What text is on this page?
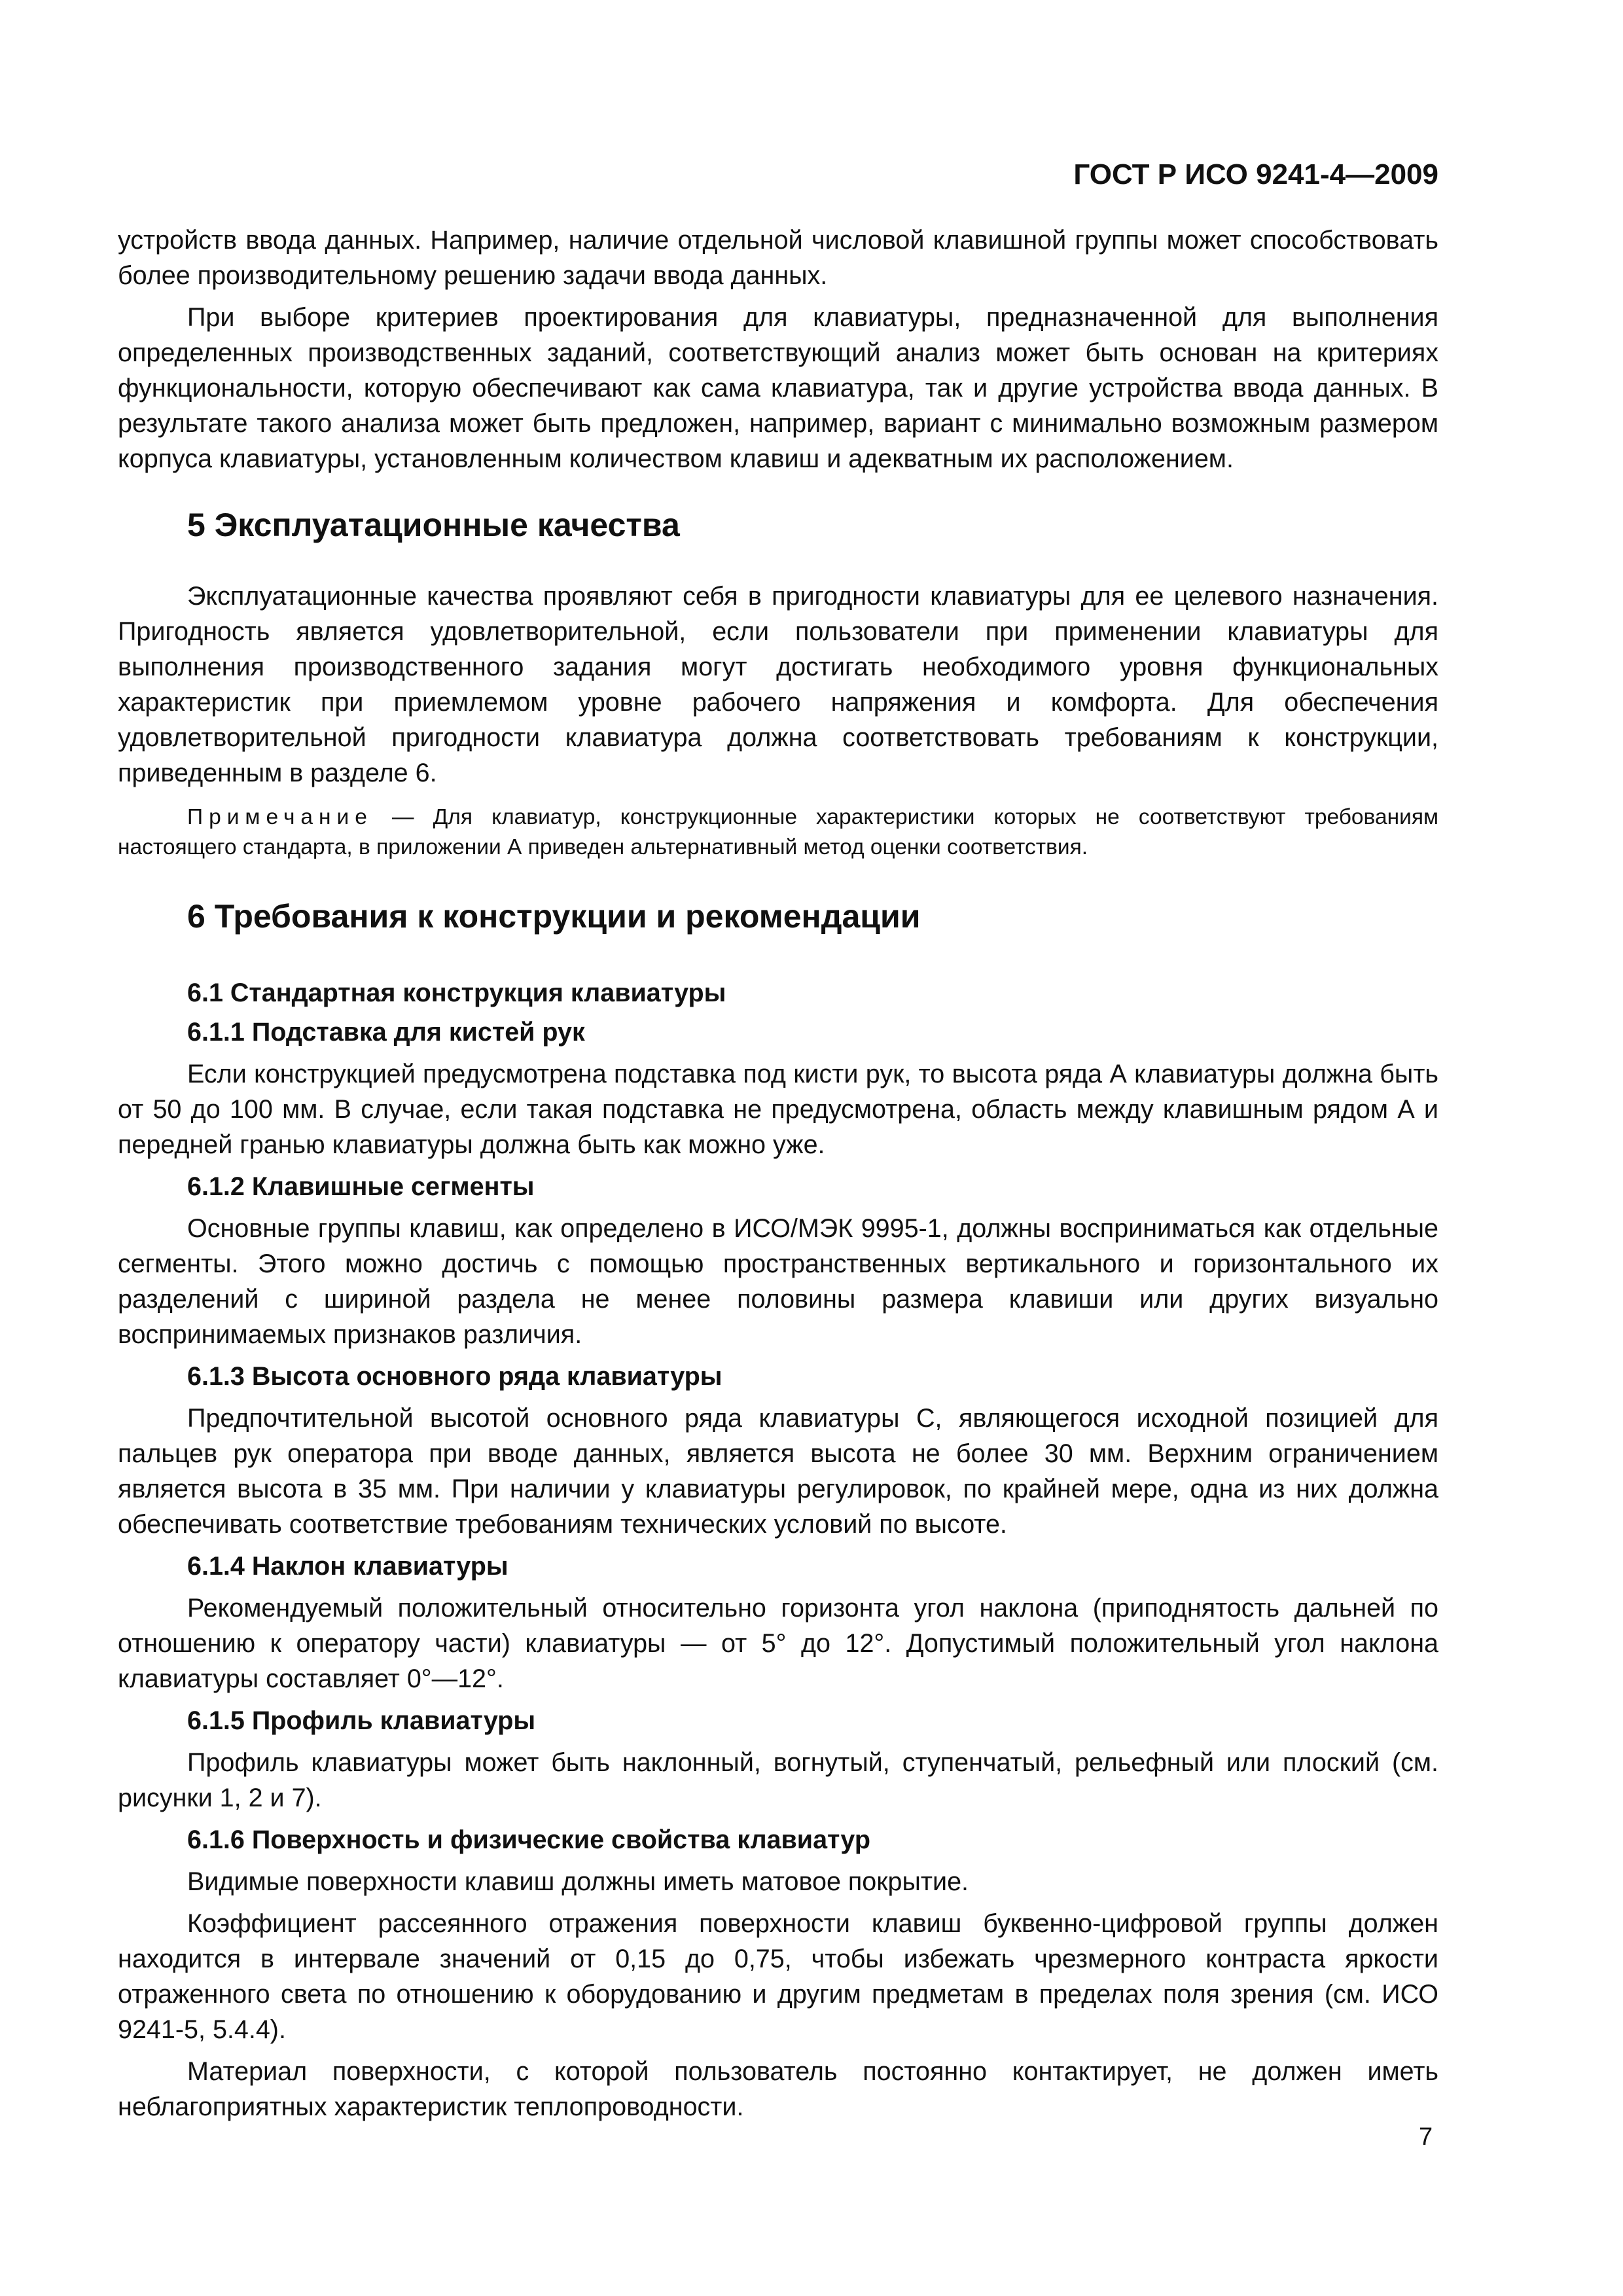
ГОСТ Р ИСО 9241-4—2009

устройств ввода данных. Например, наличие отдельной числовой клавишной группы может способствовать более производительному решению задачи ввода данных.

При выборе критериев проектирования для клавиатуры, предназначенной для выполнения определенных производственных заданий, соответствующий анализ может быть основан на критериях функциональности, которую обеспечивают как сама клавиатура, так и другие устройства ввода данных. В результате такого анализа может быть предложен, например, вариант с минимально возможным размером корпуса клавиатуры, установленным количеством клавиш и адекватным их расположением.

5 Эксплуатационные качества

Эксплуатационные качества проявляют себя в пригодности клавиатуры для ее целевого назначения. Пригодность является удовлетворительной, если пользователи при применении клавиатуры для выполнения производственного задания могут достигать необходимого уровня функциональных характеристик при приемлемом уровне рабочего напряжения и комфорта. Для обеспечения удовлетворительной пригодности клавиатура должна соответствовать требованиям к конструкции, приведенным в разделе 6.

Примечание — Для клавиатур, конструкционные характеристики которых не соответствуют требованиям настоящего стандарта, в приложении А приведен альтернативный метод оценки соответствия.
6 Требования к конструкции и рекомендации
6.1 Стандартная конструкция клавиатуры
6.1.1 Подставка для кистей рук

Если конструкцией предусмотрена подставка под кисти рук, то высота ряда А клавиатуры должна быть от 50 до 100 мм. В случае, если такая подставка не предусмотрена, область между клавишным рядом А и передней гранью клавиатуры должна быть как можно уже.

6.1.2 Клавишные сегменты

Основные группы клавиш, как определено в ИСО/МЭК 9995-1, должны восприниматься как отдельные сегменты. Этого можно достичь с помощью пространственных вертикального и горизонтального их разделений с шириной раздела не менее половины размера клавиши или других визуально воспринимаемых признаков различия.

6.1.3 Высота основного ряда клавиатуры

Предпочтительной высотой основного ряда клавиатуры С, являющегося исходной позицией для пальцев рук оператора при вводе данных, является высота не более 30 мм. Верхним ограничением является высота в 35 мм. При наличии у клавиатуры регулировок, по крайней мере, одна из них должна обеспечивать соответствие требованиям технических условий по высоте.

6.1.4 Наклон клавиатуры

Рекомендуемый положительный относительно горизонта угол наклона (приподнятость дальней по отношению к оператору части) клавиатуры — от 5° до 12°. Допустимый положительный угол наклона клавиатуры составляет 0°—12°.

6.1.5 Профиль клавиатуры

Профиль клавиатуры может быть наклонный, вогнутый, ступенчатый, рельефный или плоский (см. рисунки 1, 2 и 7).

6.1.6 Поверхность и физические свойства клавиатур

Видимые поверхности клавиш должны иметь матовое покрытие.

Коэффициент рассеянного отражения поверхности клавиш буквенно-цифровой группы должен находится в интервале значений от 0,15 до 0,75, чтобы избежать чрезмерного контраста яркости отраженного света по отношению к оборудованию и другим предметам в пределах поля зрения (см. ИСО 9241-5, 5.4.4).

Материал поверхности, с которой пользователь постоянно контактирует, не должен иметь неблагоприятных характеристик теплопроводности.

7
